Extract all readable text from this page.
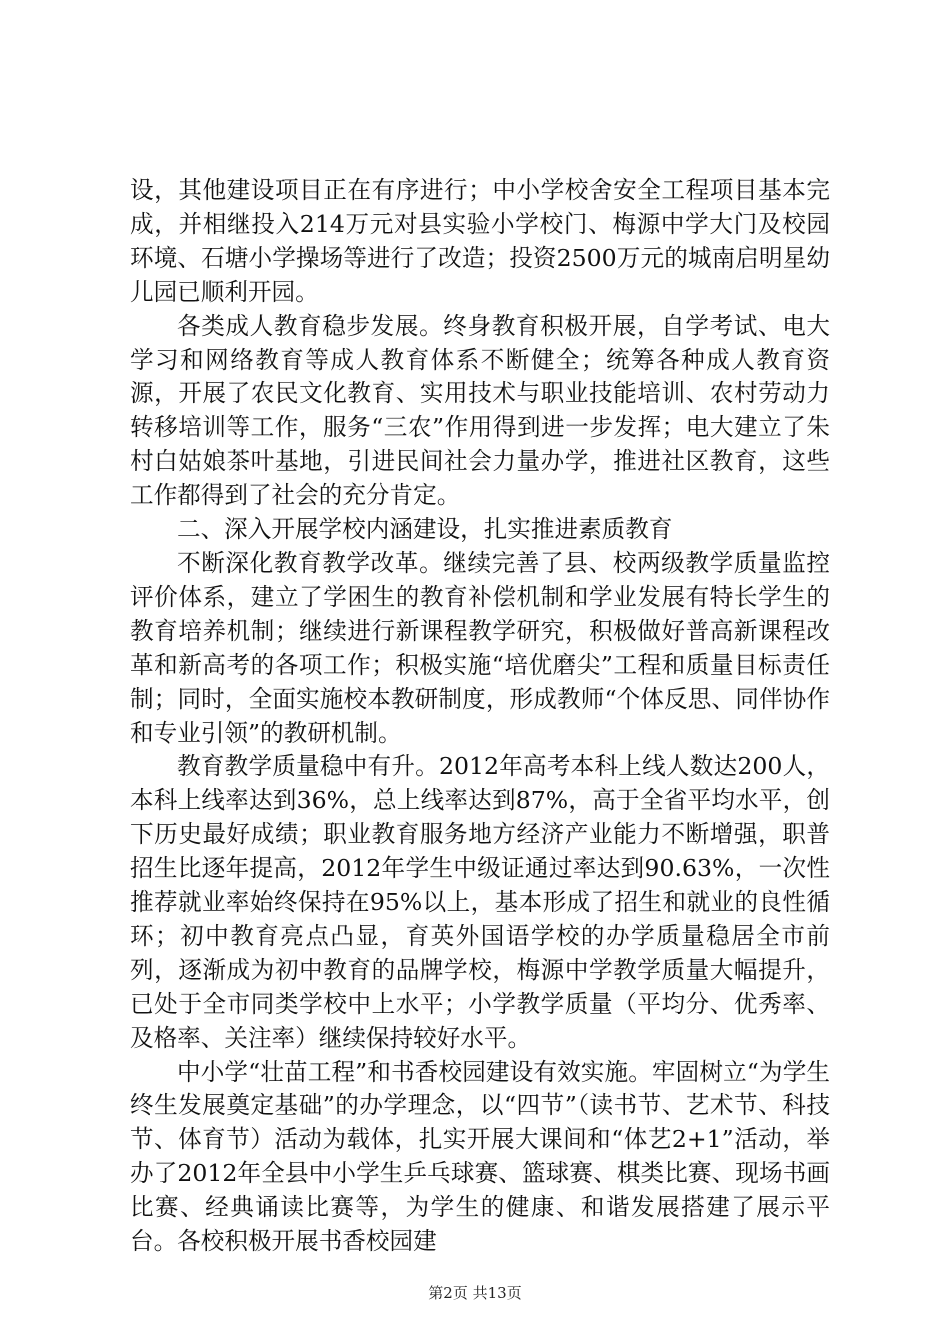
设，其他建设项目正在有序进行；中小学校舍安全工程项目基本完成，并相继投入214万元对县实验小学校门、梅源中学大门及校园环境、石塘小学操场等进行了改造；投资2500万元的城南启明星幼儿园已顺利开园。

各类成人教育稳步发展。终身教育积极开展，自学考试、电大学习和网络教育等成人教育体系不断健全；统筹各种成人教育资源，开展了农民文化教育、实用技术与职业技能培训、农村劳动力转移培训等工作，服务“三农”作用得到进一步发挥；电大建立了朱村白姑娘茶叶基地，引进民间社会力量办学，推进社区教育，这些工作都得到了社会的充分肯定。

二、深入开展学校内涵建设，扎实推进素质教育

不断深化教育教学改革。继续完善了县、校两级教学质量监控评价体系，建立了学困生的教育补偿机制和学业发展有特长学生的教育培养机制；继续进行新课程教学研究，积极做好普高新课程改革和新高考的各项工作；积极实施“培优磨尖”工程和质量目标责任制；同时，全面实施校本教研制度，形成教师“个体反思、同伴协作和专业引领”的教研机制。

教育教学质量稳中有升。2012年高考本科上线人数达200人，本科上线率达到36%，总上线率达到87%，高于全省平均水平，创下历史最好成绩；职业教育服务地方经济产业能力不断增强，职普招生比逐年提高，2012年学生中级证通过率达到90.63%，一次性推荐就业率始终保持在95%以上，基本形成了招生和就业的良性循环；初中教育亮点凸显，育英外国语学校的办学质量稳居全市前列，逐渐成为初中教育的品牌学校，梅源中学教学质量大幅提升，已处于全市同类学校中上水平；小学教学质量（平均分、优秀率、及格率、关注率）继续保持较好水平。

中小学“壮苗工程”和书香校园建设有效实施。牢固树立“为学生终生发展奠定基础”的办学理念，以“四节”（读书节、艺术节、科技节、体育节）活动为载体，扎实开展大课间和“体艺2+1”活动，举办了2012年全县中小学生乒乓球赛、篮球赛、棋类比赛、现场书画比赛、经典诵读比赛等，为学生的健康、和谐发展搭建了展示平台。各校积极开展书香校园建

第2页 共13页
